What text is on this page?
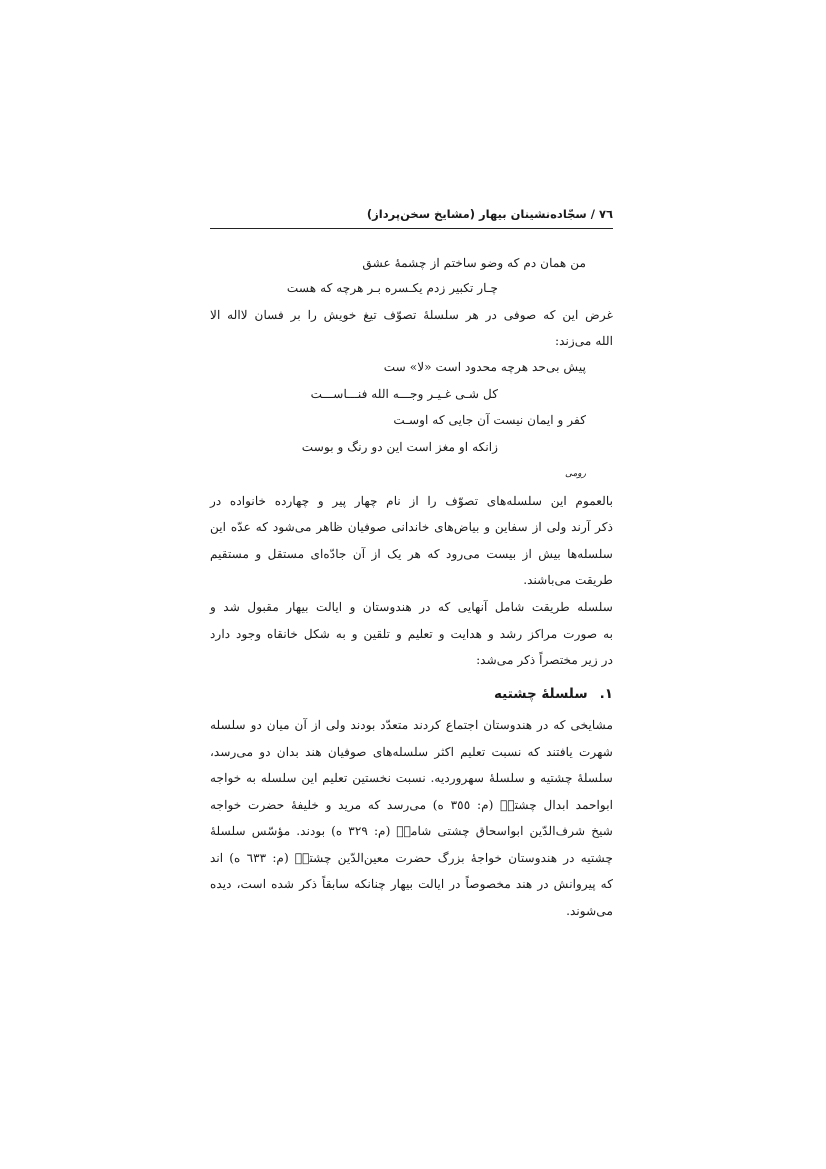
٧٦ / سجّاده‌نشینان بیهار (مشایخ سخن‌پرداز)
من همان دم که وضو ساختم از چشمهٔ عشق
چـار تکبیر زدم یکـسره بـر هرچه که هست
غرض این که صوفی در هر سلسلهٔ تصوّف تیغ خویش را بر فسان لااله الا
الله می‌زند:
پیش بی‌حد هرچه محدود است «لا» ست
کل شـی غـیـر وجـــه الله فنـــاســـت
کفر و ایمان نیست آن جایی که اوسـت
زانکه او مغز است این دو رنگ و بوست
رومی
بالعموم این سلسله‌های تصوّف را از نام چهار پیر و چهارده خانواده در
ذکر آرند ولی از سفاین و بیاض‌های خاندانی صوفیان ظاهر می‌شود که عدّه این
سلسله‌ها بیش از بیست می‌رود که هر یک از آن جادّه‌ای مستقل و مستقیم
طریقت می‌باشند.
سلسله طریقت شامل آنهایی که در هندوستان و ایالت بیهار مقبول شد و
به صورت مراکز رشد و هدایت و تعلیم و تلقین و به شکل خانقاه وجود دارد
در زیر مختصراً ذکر می‌شد:
١.سلسلهٔ چشتیه
مشایخی که در هندوستان اجتماع کردند متعدّد بودند ولی از آن میان دو سلسله
شهرت یافتند که نسبت تعلیم اکثر سلسله‌های صوفیان هند بدان دو می‌رسد،
سلسلهٔ چشتیه و سلسلهٔ سهروردیه. نسبت نخستین تعلیم این سلسله به خواجه
ابواحمد ابدال چشتیؒ (م: ٣٥٥ ه) می‌رسد که مرید و خلیفهٔ حضرت خواجه
شیخ شرف‌الدّین ابواسحاق چشتی شامیؒ (م: ٣٢٩ ه) بودند. مؤسّس سلسلهٔ
چشتیه در هندوستان خواجهٔ بزرگ حضرت معین‌الدّین چشتیؒ (م: ٦٣٣ ه) اند
که پیروانش در هند مخصوصاً در ایالت بیهار چنانکه سابقاً ذکر شده است، دیده
می‌شوند.
